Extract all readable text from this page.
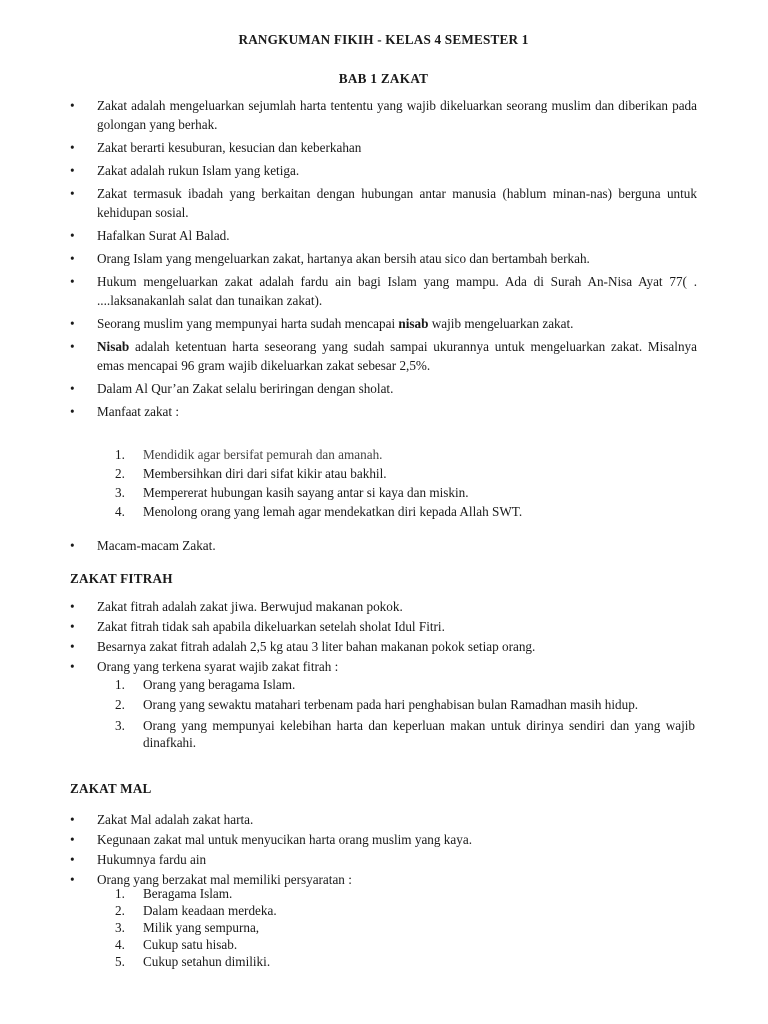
RANGKUMAN FIKIH - KELAS 4 SEMESTER 1
BAB 1 ZAKAT
• Zakat adalah mengeluarkan sejumlah harta tententu yang wajib dikeluarkan seorang muslim dan diberikan pada golongan yang berhak.
• Zakat berarti kesuburan, kesucian dan keberkahan
• Zakat adalah rukun Islam yang ketiga.
• Zakat termasuk ibadah yang berkaitan dengan hubungan antar manusia (hablum minan-nas) berguna untuk kehidupan sosial.
• Hafalkan Surat Al Balad.
• Orang Islam yang mengeluarkan zakat, hartanya akan bersih atau sico dan bertambah berkah.
• Hukum mengeluarkan zakat adalah fardu ain bagi Islam yang mampu. Ada di Surah An-Nisa Ayat 77( . ....laksanakanlah salat dan tunaikan zakat).
• Seorang muslim yang mempunyai harta sudah mencapai nisab wajib mengeluarkan zakat.
• Nisab adalah ketentuan harta seseorang yang sudah sampai ukurannya untuk mengeluarkan zakat. Misalnya emas mencapai 96 gram wajib dikeluarkan zakat sebesar 2,5%.
• Dalam Al Qur’an Zakat selalu beriringan dengan sholat.
• Manfaat zakat :
1. Mendidik agar bersifat pemurah dan amanah.
2. Membersihkan diri dari sifat kikir atau bakhil.
3. Mempererat hubungan kasih sayang antar si kaya dan miskin.
4. Menolong orang yang lemah agar mendekatkan diri kepada Allah SWT.
• Macam-macam Zakat.
ZAKAT FITRAH
• Zakat fitrah adalah zakat jiwa. Berwujud makanan pokok.
• Zakat fitrah tidak sah apabila dikeluarkan setelah sholat Idul Fitri.
• Besarnya zakat fitrah adalah 2,5 kg atau 3 liter bahan makanan pokok setiap orang.
• Orang yang terkena syarat wajib zakat fitrah :
1. Orang yang beragama Islam.
2. Orang yang sewaktu matahari terbenam pada hari penghabisan bulan Ramadhan masih hidup.
3. Orang yang mempunyai kelebihan harta dan keperluan makan untuk dirinya sendiri dan yang wajib dinafkahi.
ZAKAT MAL
• Zakat Mal adalah zakat harta.
• Kegunaan zakat mal untuk menyucikan harta orang muslim yang kaya.
• Hukumnya fardu ain
• Orang yang berzakat mal memiliki persyaratan :
1. Beragama Islam.
2. Dalam keadaan merdeka.
3. Milik yang sempurna,
4. Cukup satu hisab.
5. Cukup setahun dimiliki.
